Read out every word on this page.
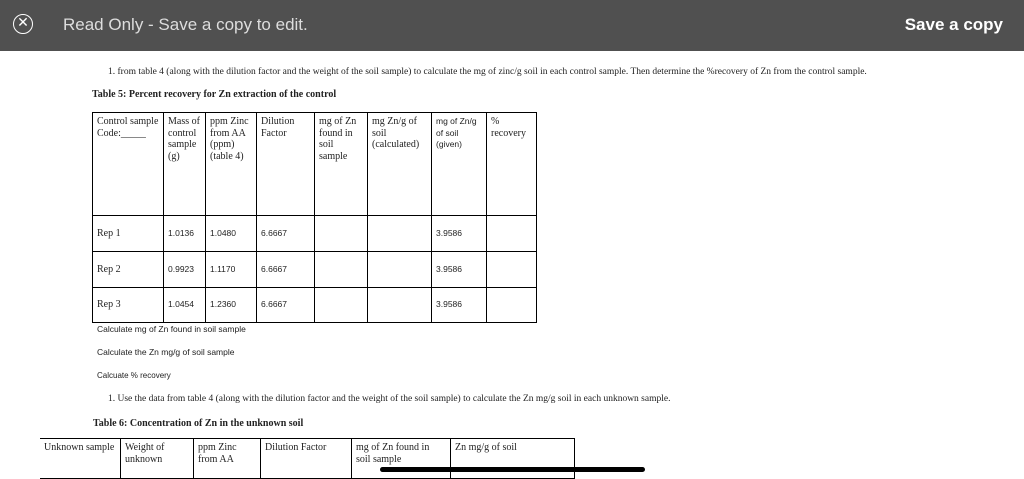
✕ Read Only - Save a copy to edit.	Save a copy
1. from table 4 (along with the dilution factor and the weight of the soil sample) to calculate the mg of zinc/g soil in each control sample. Then determine the %recovery of Zn from the control sample.
Table 5: Percent recovery for Zn extraction of the control
Control sample Code:_____	Mass of control sample (g)	ppm Zinc from AA (ppm) (table 4)	Dilution Factor	mg of Zn found in soil sample	mg Zn/g of soil (calculated)	mg of Zn/g of soil (given)	% recovery
Rep 1	1.0136	1.0480	6.6667			3.9586	
Rep 2	0.9923	1.1170	6.6667			3.9586	
Rep 3	1.0454	1.2360	6.6667			3.9586	
Calculate mg of Zn found in soil sample
Calculate the Zn mg/g of soil sample
Calcuate % recovery
1. Use the data from table 4 (along with the dilution factor and the weight of the soil sample) to calculate the Zn mg/g soil in each unknown sample.
Table 6: Concentration of Zn in the unknown soil
Unknown sample	Weight of unknown	ppm Zinc from AA	Dilution Factor	mg of Zn found in soil sample	Zn mg/g of soil
